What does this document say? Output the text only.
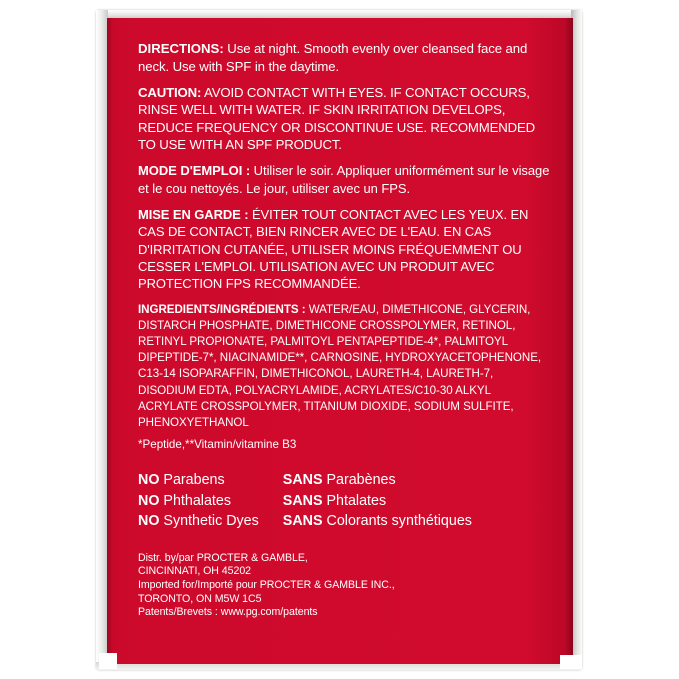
DIRECTIONS: Use at night. Smooth evenly over cleansed face and neck. Use with SPF in the daytime.
CAUTION: AVOID CONTACT WITH EYES. IF CONTACT OCCURS, RINSE WELL WITH WATER. IF SKIN IRRITATION DEVELOPS, REDUCE FREQUENCY OR DISCONTINUE USE. RECOMMENDED TO USE WITH AN SPF PRODUCT.
MODE D'EMPLOI : Utiliser le soir. Appliquer uniformément sur le visage et le cou nettoyés. Le jour, utiliser avec un FPS.
MISE EN GARDE : ÉVITER TOUT CONTACT AVEC LES YEUX. EN CAS DE CONTACT, BIEN RINCER AVEC DE L'EAU. EN CAS D'IRRITATION CUTANÉE, UTILISER MOINS FRÉQUEMMENT OU CESSER L'EMPLOI. UTILISATION AVEC UN PRODUIT AVEC PROTECTION FPS RECOMMANDÉE.
INGREDIENTS/INGRÉDIENTS : WATER/EAU, DIMETHICONE, GLYCERIN, DISTARCH PHOSPHATE, DIMETHICONE CROSSPOLYMER, RETINOL, RETINYL PROPIONATE, PALMITOYL PENTAPEPTIDE-4*, PALMITOYL DIPEPTIDE-7*, NIACINAMIDE**, CARNOSINE, HYDROXYACETOPHENONE, C13-14 ISOPARAFFIN, DIMETHICONOL, LAURETH-4, LAURETH-7, DISODIUM EDTA, POLYACRYLAMIDE, ACRYLATES/C10-30 ALKYL ACRYLATE CROSSPOLYMER, TITANIUM DIOXIDE, SODIUM SULFITE, PHENOXYETHANOL
*Peptide,**Vitamin/vitamine B3
NO Parabens
NO Phthalates
NO Synthetic Dyes
SANS Parabènes
SANS Phtalates
SANS Colorants synthétiques

Distr. by/par PROCTER & GAMBLE,

CINCINNATI, OH 45202

Imported for/Importé pour PROCTER & GAMBLE INC.,

TORONTO, ON M5W 1C5

Patents/Brevets : www.pg.com/patents
